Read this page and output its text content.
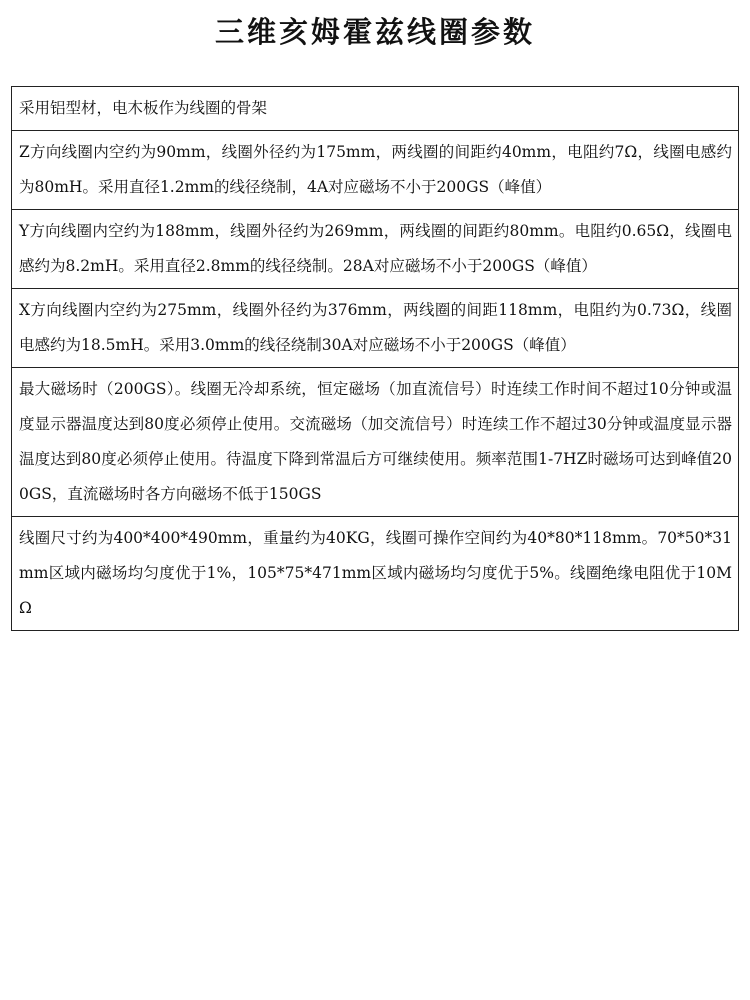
三维亥姆霍兹线圈参数
采用铝型材，电木板作为线圈的骨架
Z方向线圈内空约为90mm，线圈外径约为175mm，两线圈的间距约40mm，电阻约7Ω，线圈电感约为80mH。采用直径1.2mm的线径绕制，4A对应磁场不小于200GS（峰值）
Y方向线圈内空约为188mm，线圈外径约为269mm，两线圈的间距约80mm。电阻约0.65Ω，线圈电感约为8.2mH。采用直径2.8mm的线径绕制。28A对应磁场不小于200GS（峰值）
X方向线圈内空约为275mm，线圈外径约为376mm，两线圈的间距118mm，电阻约为0.73Ω，线圈电感约为18.5mH。采用3.0mm的线径绕制30A对应磁场不小于200GS（峰值）
最大磁场时（200GS）。线圈无冷却系统，恒定磁场（加直流信号）时连续工作时间不超过10分钟或温度显示器温度达到80度必须停止使用。交流磁场（加交流信号）时连续工作不超过30分钟或温度显示器温度达到80度必须停止使用。待温度下降到常温后方可继续使用。频率范围1-7HZ时磁场可达到峰值200GS，直流磁场时各方向磁场不低于150GS
线圈尺寸约为400*400*490mm，重量约为40KG，线圈可操作空间约为40*80*118mm。70*50*31mm区域内磁场均匀度优于1%，105*75*471mm区域内磁场均匀度优于5%。线圈绝缘电阻优于10MΩ
